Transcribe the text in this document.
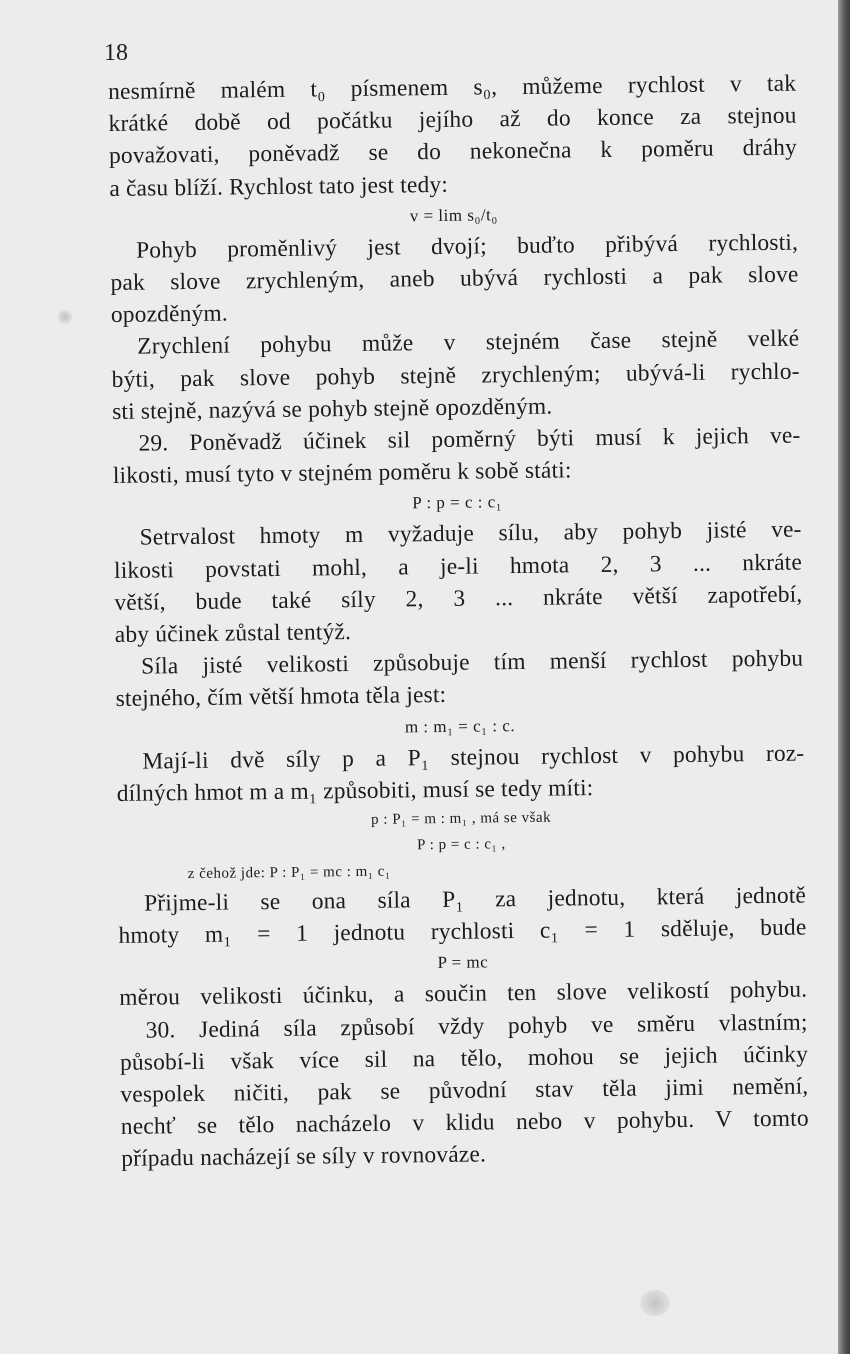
18
nesmírně malém t₀ písmenem s₀, můžeme rychlost v tak
krátké době od počátku jejího až do konce za stejnou
považovati, poněvadž se do nekonečna k poměru dráhy
a času blíží. Rychlost tato jest tedy:
v = lim s₀/t₀
Pohyb proměnlivý jest dvojí; buďto přibývá rychlosti,
pak slove zrychleným, aneb ubývá rychlosti a pak slove
opozděným.
Zrychlení pohybu může v stejném čase stejně velké
býti, pak slove pohyb stejně zrychleným; ubývá-li rychlo-
sti stejně, nazývá se pohyb stejně opozděným.
29. Poněvadž účinek sil poměrný býti musí k jejich ve-
likosti, musí tyto v stejném poměru k sobě státi:
P : p = c : c₁
Setrvalost hmoty m vyžaduje sílu, aby pohyb jisté ve-
likosti povstati mohl, a je-li hmota 2, 3 ... nkráte
větší, bude také síly 2, 3 ... nkráte větší zapotřebí,
aby účinek zůstal tentýž.
Síla jisté velikosti způsobuje tím menší rychlost pohybu
stejného, čím větší hmota těla jest:
m : m₁ = c₁ : c.
Mají-li dvě síly p a P₁ stejnou rychlost v pohybu roz-
dílných hmot m a m₁ způsobiti, musí se tedy míti:
p : P₁ = m : m₁ , má se však
P : p = c : c₁ ,
z čehož jde: P : P₁ = mc : m₁ c₁
Přijme-li se ona síla P₁ za jednotu, která jednotě
hmoty m₁ = 1 jednotu rychlosti c₁ = 1 sděluje, bude
P = mc
měrou velikosti účinku, a součin ten slove velikostí pohybu.
30. Jediná síla způsobí vždy pohyb ve směru vlastním;
působí-li však více sil na tělo, mohou se jejich účinky
vespolek ničiti, pak se původní stav těla jimi nemění,
nechť se tělo nacházelo v klidu nebo v pohybu. V tomto
případu nacházejí se síly v rovnováze.
